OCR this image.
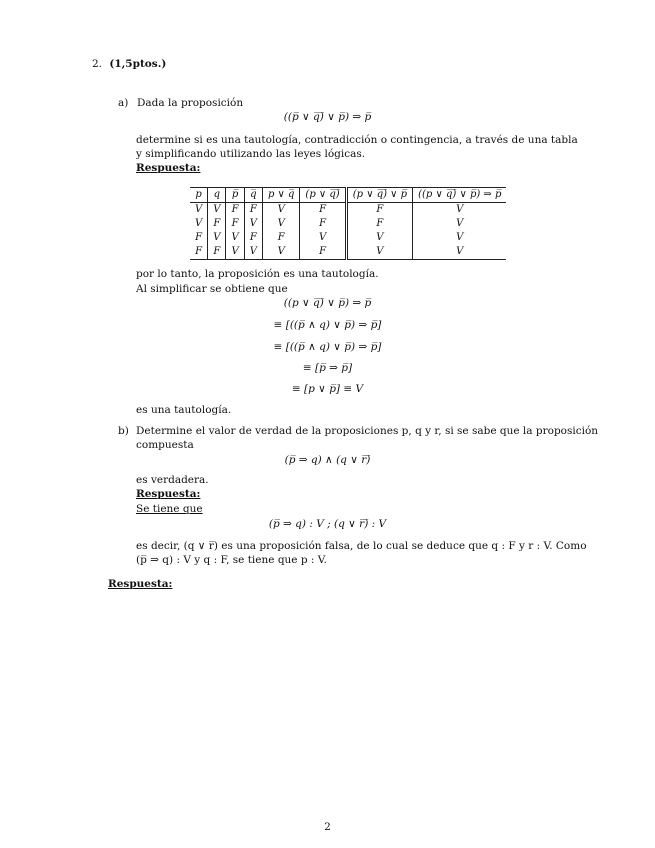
2. (1,5ptos.)
a) Dada la proposición
((p̅ ∨ q̅)̅ ∨ p̅) ⇒ p̅
determine si es una tautología, contradicción o contingencia, a través de una tabla
y simplificando utilizando las leyes lógicas.
Respuesta:
p	q	p̅	q̅	p ∨ q̅	(p ∨ q̅)̅	(p ∨ q̅)̅ ∨ p̅	((p ∨ q̅)̅ ∨ p̅) ⇒ p̅
V	V	F	F	V	F	F	V
V	F	F	V	V	F	F	V
F	V	V	F	F	V	V	V
F	F	V	V	V	F	V	V
por lo tanto, la proposición es una tautología.
Al simplificar se obtiene que
((p ∨ q̅)̅ ∨ p̅) ⇒ p̅
≡ [((p̅ ∧ q) ∨ p̅) ⇒ p̅]
≡ [((p̅ ∧ q) ∨ p̅) ⇒ p̅]
≡ [p̅ ⇒ p̅]
≡ [p ∨ p̅] ≡ V
es una tautología.
b) Determine el valor de verdad de la proposiciones p, q y r, si se sabe que la proposición
compuesta
(p̅ ⇒ q) ∧ (q ∨ r̅)̅
es verdadera.
Respuesta:
Se tiene que
(p̅ ⇒ q) : V ; (q ∨ r̅)̅ : V
es decir, (q ∨ r̅) es una proposición falsa, de lo cual se deduce que q : F y r : V. Como
(p̅ ⇒ q) : V y q : F, se tiene que p : V.
Respuesta:
2
